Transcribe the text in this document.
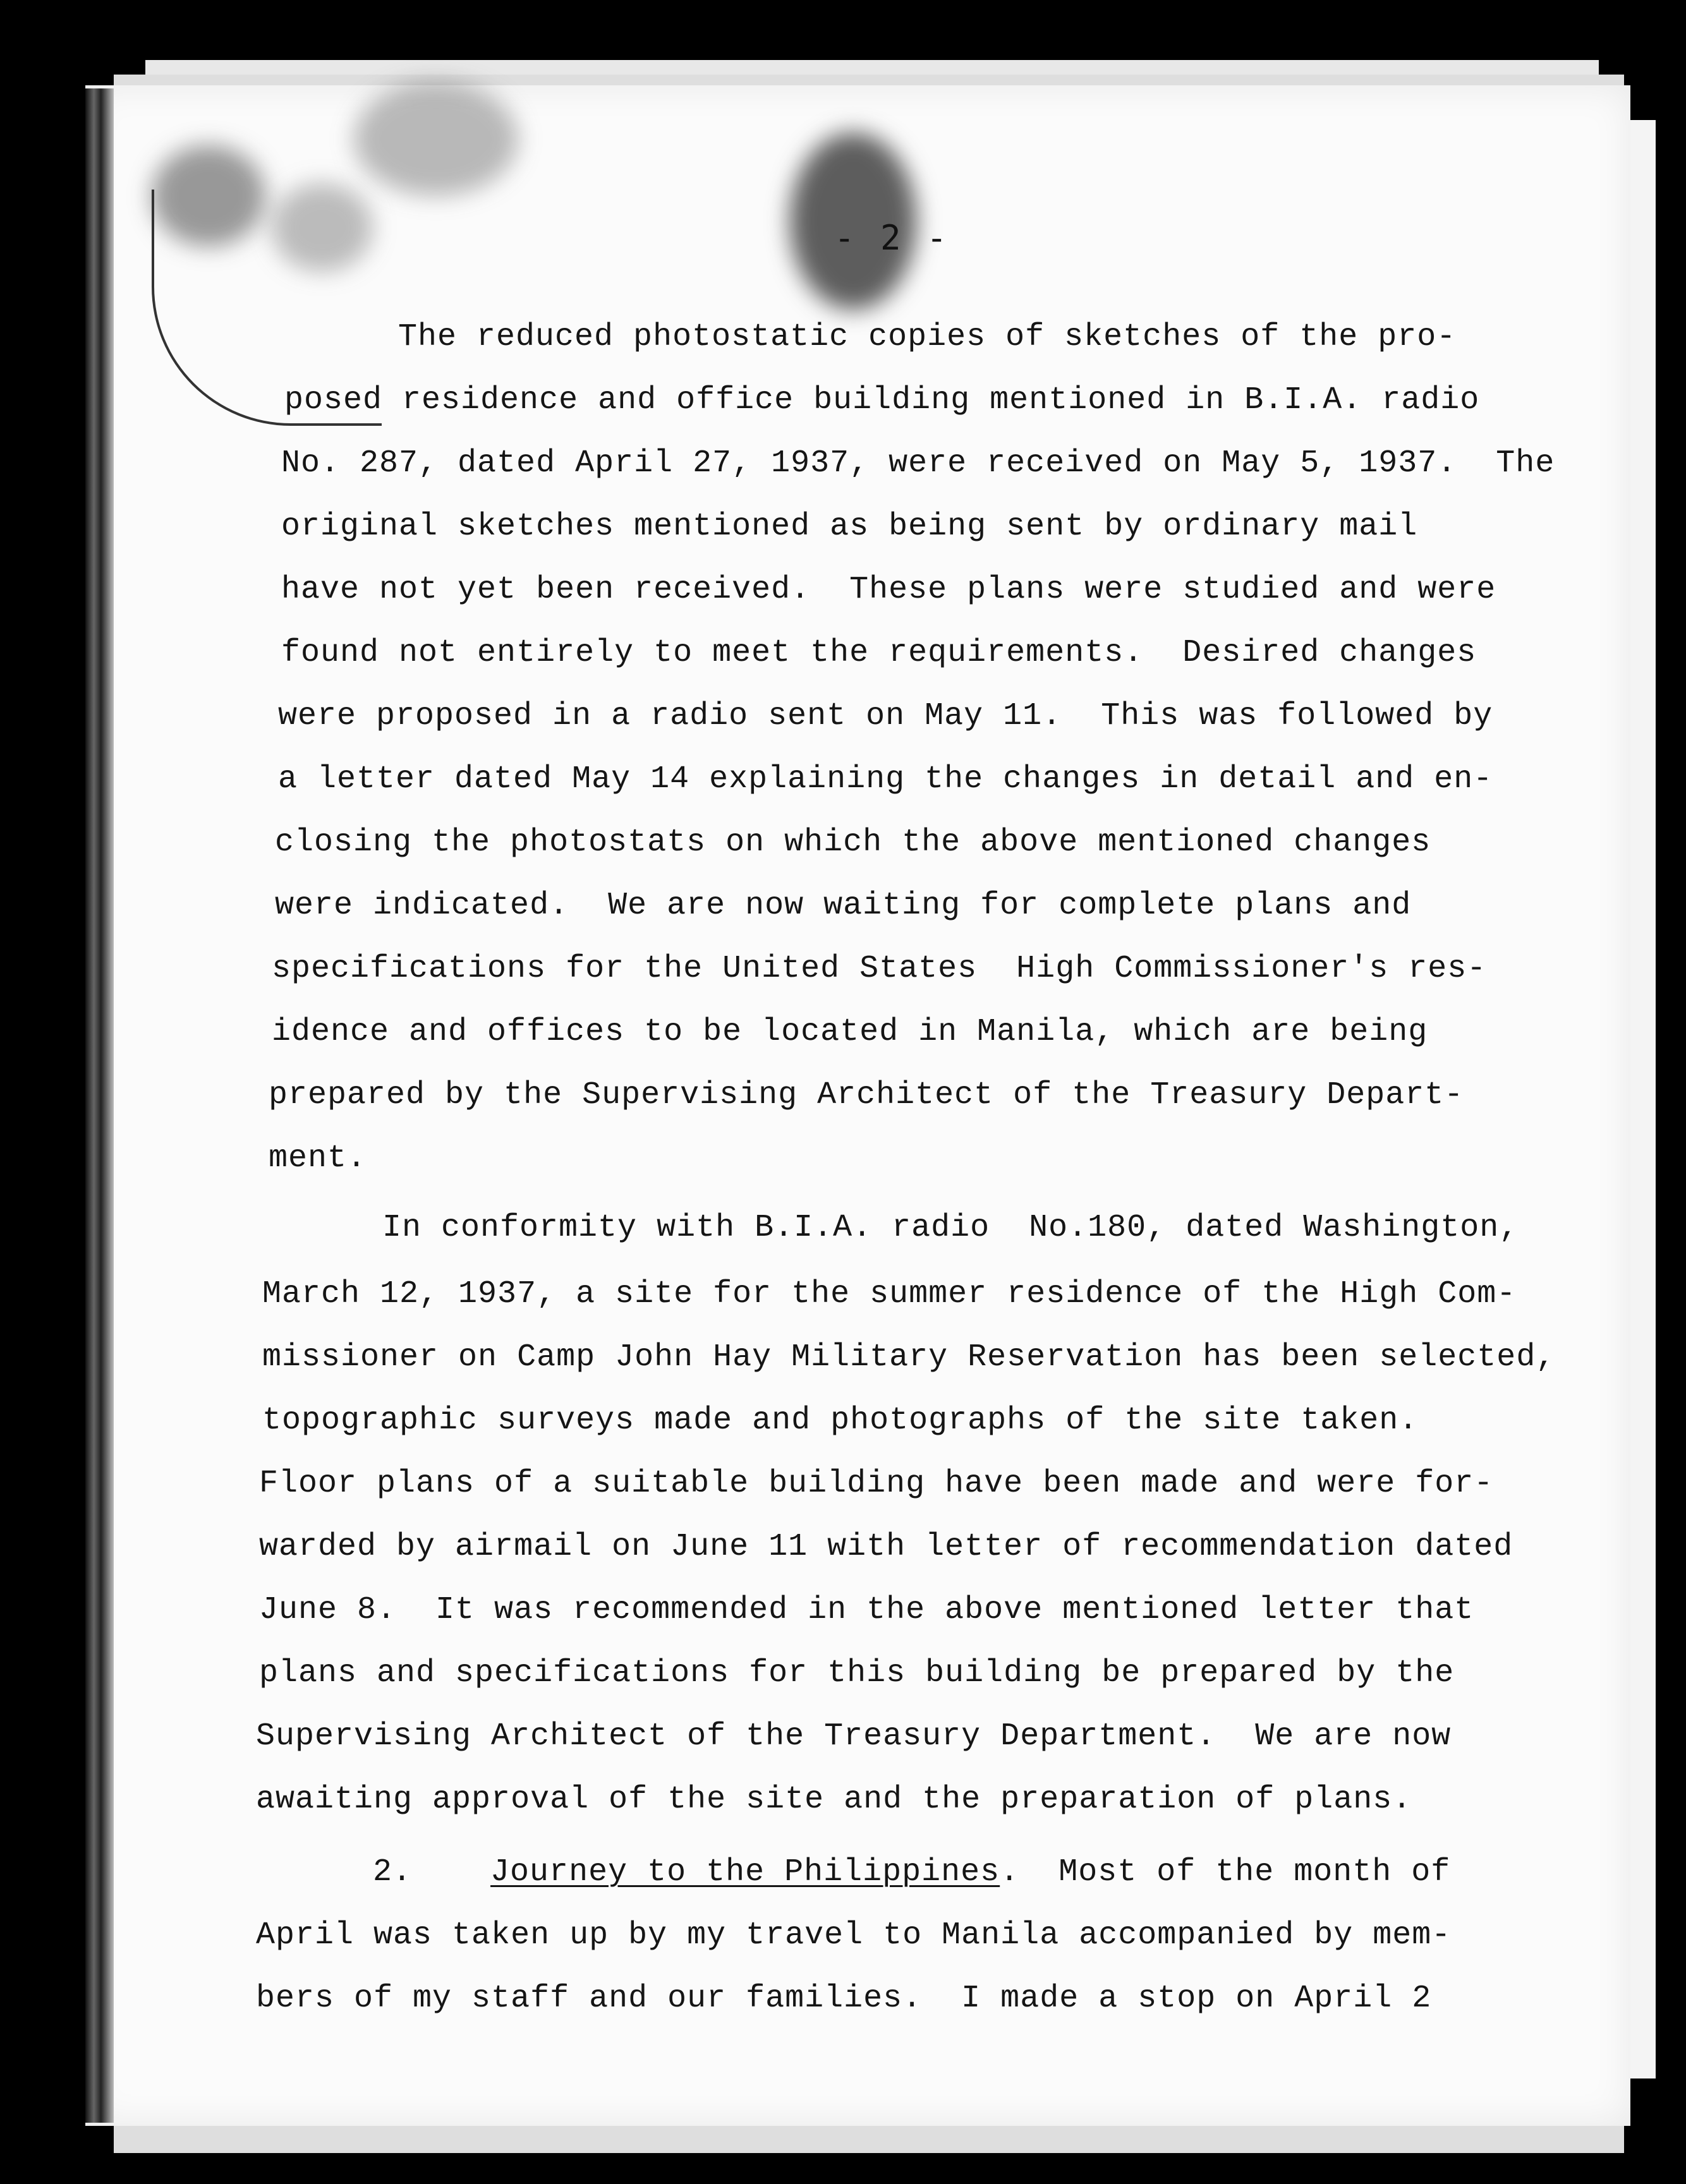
- 2 -
The reduced photostatic copies of sketches of the pro-
posed residence and office building mentioned in B.I.A. radio
No. 287, dated April 27, 1937, were received on May 5, 1937.  The
original sketches mentioned as being sent by ordinary mail
have not yet been received.  These plans were studied and were
found not entirely to meet the requirements.  Desired changes
were proposed in a radio sent on May 11.  This was followed by
a letter dated May 14 explaining the changes in detail and en-
closing the photostats on which the above mentioned changes
were indicated.  We are now waiting for complete plans and
specifications for the United States  High Commissioner's res-
idence and offices to be located in Manila, which are being
prepared by the Supervising Architect of the Treasury Depart-
ment.
In conformity with B.I.A. radio  No.180, dated Washington,
March 12, 1937, a site for the summer residence of the High Com-
missioner on Camp John Hay Military Reservation has been selected,
topographic surveys made and photographs of the site taken.
Floor plans of a suitable building have been made and were for-
warded by airmail on June 11 with letter of recommendation dated
June 8.  It was recommended in the above mentioned letter that
plans and specifications for this building be prepared by the
Supervising Architect of the Treasury Department.  We are now
awaiting approval of the site and the preparation of plans.
2. Journey to the Philippines.  Most of the month of
April was taken up by my travel to Manila accompanied by mem-
bers of my staff and our families.  I made a stop on April 2
